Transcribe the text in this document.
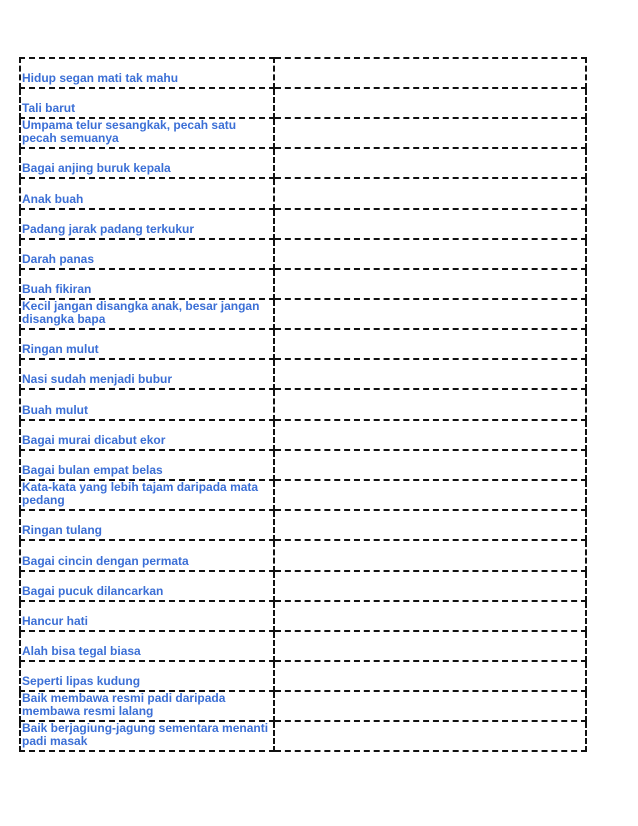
Hidup segan mati tak mahu	

Tali barut	

Umpama telur sesangkak, pecah satu pecah semuanya	

Bagai anjing buruk kepala	

Anak buah	

Padang jarak padang terkukur	

Darah panas	

Buah fikiran	

Kecil jangan disangka anak, besar jangan disangka bapa	

Ringan mulut	

Nasi sudah menjadi bubur	

Buah mulut	

Bagai murai dicabut ekor	

Bagai bulan empat belas	

Kata-kata yang lebih tajam daripada mata pedang	

Ringan tulang	

Bagai cincin dengan permata	

Bagai pucuk dilancarkan	

Hancur hati	

Alah bisa tegal biasa	

Seperti lipas kudung	

Baik membawa resmi padi daripada membawa resmi lalang	

Baik berjagiung-jagung sementara menanti padi masak	
